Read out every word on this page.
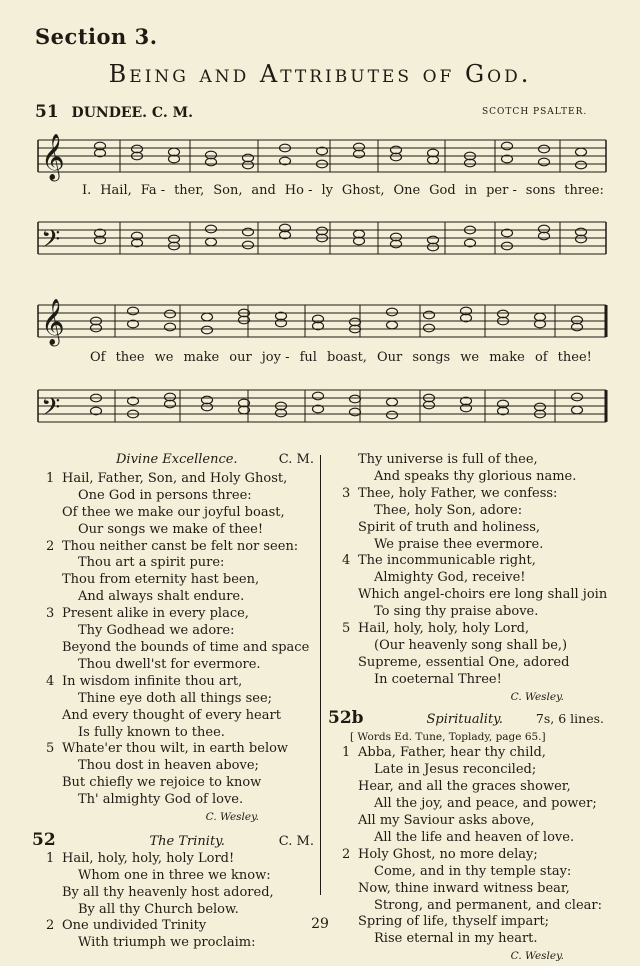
Section 3.
Being and Attributes of God.
51 DUNDEE. C. M.	SCOTCH PSALTER.
𝄞
𝄢
𝄞
𝄢
I. Hail, Fa - ther, Son, and Ho - ly Ghost, One God in per - sons three:
Of thee we make our joy - ful boast, Our songs we make of thee!
Divine Excellence.	C. M.
1 Hail, Father, Son, and Holy Ghost,
One God in persons three:
Of thee we make our joyful boast,
Our songs we make of thee!
2 Thou neither canst be felt nor seen:
Thou art a spirit pure:
Thou from eternity hast been,
And always shalt endure.
3 Present alike in every place,
Thy Godhead we adore:
Beyond the bounds of time and space
Thou dwell'st for evermore.
4 In wisdom infinite thou art,
Thine eye doth all things see;
And every thought of every heart
Is fully known to thee.
5 Whate'er thou wilt, in earth below
Thou dost in heaven above;
But chiefly we rejoice to know
Th' almighty God of love.
C. Wesley.
52	The Trinity.	C. M.
1 Hail, holy, holy, holy Lord!
Whom one in three we know:
By all thy heavenly host adored,
By all thy Church below.
2 One undivided Trinity
With triumph we proclaim:
Thy universe is full of thee,
And speaks thy glorious name.
3 Thee, holy Father, we confess:
Thee, holy Son, adore:
Spirit of truth and holiness,
We praise thee evermore.
4 The incommunicable right,
Almighty God, receive!
Which angel-choirs ere long shall join
To sing thy praise above.
5 Hail, holy, holy, holy Lord,
(Our heavenly song shall be,)
Supreme, essential One, adored
In coeternal Three!
C. Wesley.
52b	Spirituality.	7s, 6 lines.
[ Words Ed. Tune, Toplady, page 65.]
1 Abba, Father, hear thy child,
Late in Jesus reconciled;
Hear, and all the graces shower,
All the joy, and peace, and power;
All my Saviour asks above,
All the life and heaven of love.
2 Holy Ghost, no more delay;
Come, and in thy temple stay:
Now, thine inward witness bear,
Strong, and permanent, and clear:
Spring of life, thyself impart;
Rise eternal in my heart.
C. Wesley.
29
